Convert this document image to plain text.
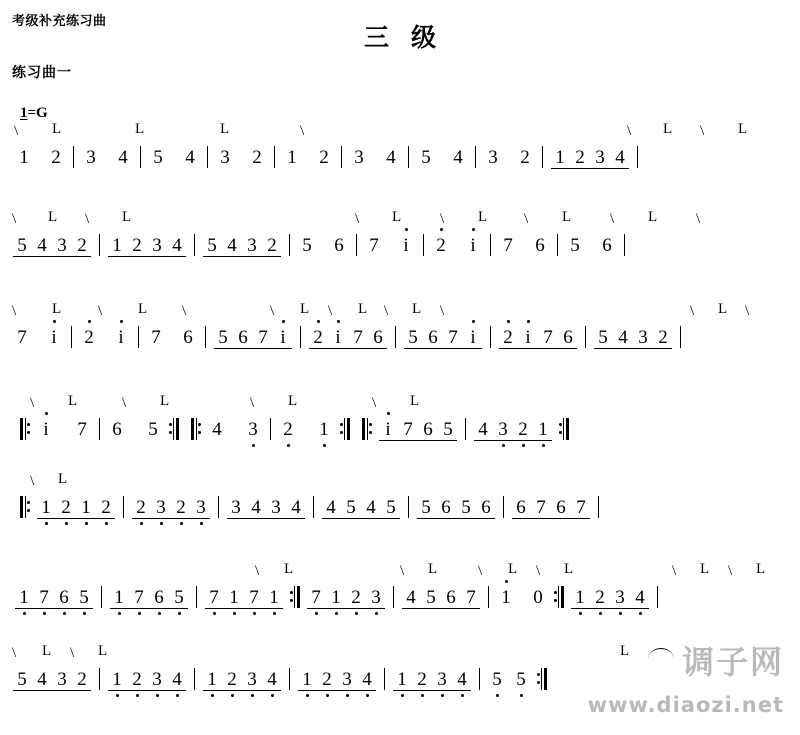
考级补充练习曲
三级
练习曲一
1=G
\ L	L	L	\	\ L \ L
1 2 3 4 5 4 3 2 1 2 3 4 5 4 3 2 1 2 3 4
\ L \ L	\ L	\ L \ L	\ L	\
5 4 3 2 1 2 3 4 5 4 3 2 5 6 7 i 2 i 7 6 5 6
\ L \ L \	\ L \ L \ L \	\ L \
7 i 2 i 7 6 5 6 7 i 2 i 7 6 5 6 7 i 2 i 7 6 5 4 3 2
\ L	\ L	\ L	\ L
i 7 6 5	4 3 2 1	i 7 6 5 4 3 2 1
\ L
1 2 1 2 2 3 2 3 3 4 3 4 4 5 4 5 5 6 5 6 6 7 6 7
\ L	\ L	\ L \ L	\ L \ L
1 7 6 5 1 7 6 5 7 1 7 1 7 1 2 3 4 5 6 7 1 0 1 2 3 4
\ L \ L	L
5 4 3 2 1 2 3 4 1 2 3 4 1 2 3 4 1 2 3 4 5 5	调子网
www.diaozi.net
